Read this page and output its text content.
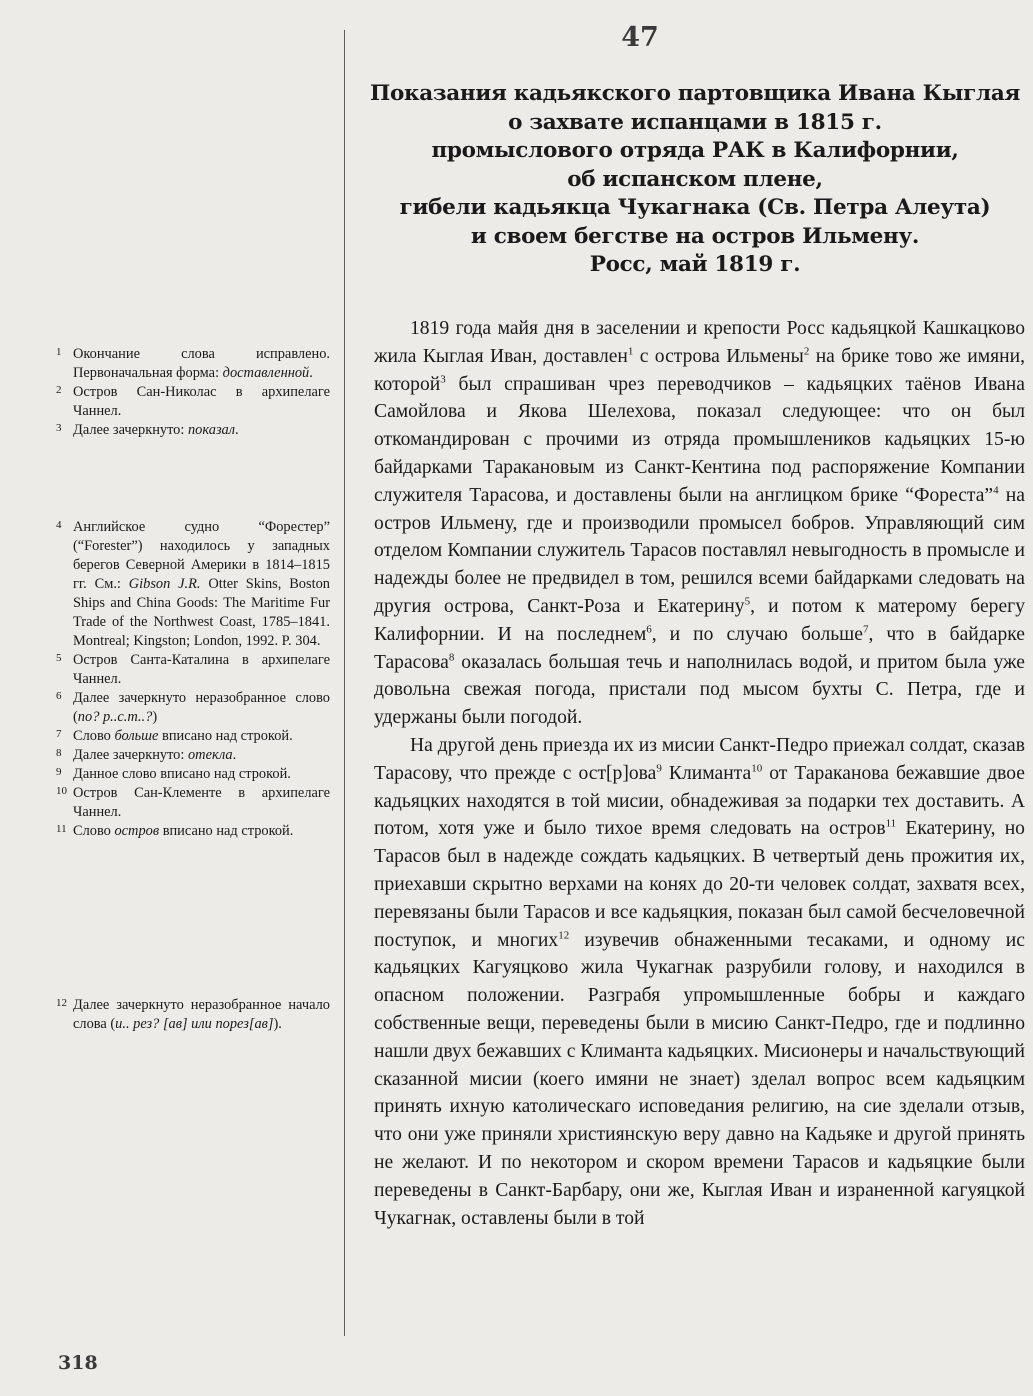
47
Показания кадьякского партовщика Ивана Кыглая
о захвате испанцами в 1815 г.
промыслового отряда РАК в Калифорнии,
об испанском плене,
гибели кадьякца Чукагнака (Св. Петра Алеута)
и своем бегстве на остров Ильмену.
Росс, май 1819 г.

1819 года майя дня в заселении и крепости Росс кадьяцкой Кашкацково жила Кыглая Иван, доставлен$^1$ с острова Ильмены$^2$ на брике тово же имяни, которой$^3$ был спрашиван чрез переводчиков – кадьяцких таёнов Ивана Самойлова и Якова Шелехова, показал следующее: что он был откомандирован с прочими из отряда промышлеников кадьяцких 15-ю байдарками Таракановым из Санкт-Кентина под распоряжение Компании служителя Тарасова, и доставлены были на англицком брике “Фореста”$^4$ на остров Ильмену, где и производили промысел бобров. Управляющий сим отделом Компании служитель Тарасов поставлял невыгодность в промысле и надежды более не предвидел в том, решился всеми байдарками следовать на другия острова, Санкт-Роза и Екатерину$^5$, и потом к матерому берегу Калифорнии. И на последнем$^6$, и по случаю больше$^7$, что в байдарке Тарасова$^8$ оказалась большая течь и наполнилась водой, и притом была уже довольна свежая погода, пристали под мысом бухты С. Петра, где и удержаны были погодой.

На другой день приезда их из мисии Санкт-Педро приежал солдат, сказав Тарасову, что прежде с ост[р]ова$^9$ Климанта$^{10}$ от Тараканова бежавшие двое кадьяцких находятся в той мисии, обнадеживая за подарки тех доставить. А потом, хотя уже и было тихое время следовать на остров$^{11}$ Екатерину, но Тарасов был в надежде сождать кадьяцких. В четвертый день прожития их, приехавши скрытно верхами на конях до 20-ти человек солдат, захватя всех, перевязаны были Тарасов и все кадьяцкия, показан был самой бесчеловечной поступок, и многих$^{12}$ изувечив обнаженными тесаками, и одному ис кадьяцких Кагуяцково жила Чукагнак разрубили голову, и находился в опасном положении. Разграбя упромышленные бобры и каждаго собственные вещи, переведены были в мисию Санкт-Педро, где и подлинно нашли двух бежавших с Климанта кадьяцких. Мисионеры и начальствующий сказанной мисии (коего имяни не знает) зделал вопрос всем кадьяцким принять ихную католическаго исповедания религию, на сие зделали отзыв, что они уже приняли християнскую веру давно на Кадьяке и другой принять не желают. И по некотором и скором времени Тарасов и кадьяцкие были переведены в Санкт-Барбару, они же, Кыглая Иван и израненной кагуяцкой Чукагнак, оставлены были в той

1 Окончание слова исправлено. Первоначальная форма: доставленной.
2 Остров Сан-Николас в архипелаге Чаннел.
3 Далее зачеркнуто: показал.
4 Английское судно “Форестер” (“Forester”) находилось у западных берегов Северной Америки в 1814–1815 гг. См.: Gibson J.R. Otter Skins, Boston Ships and China Goods: The Maritime Fur Trade of the Northwest Coast, 1785–1841. Montreal; Kingston; London, 1992. P. 304.
5 Остров Санта-Каталина в архипелаге Чаннел.
6 Далее зачеркнуто неразобранное слово (по? р..с.т..?)
7 Слово больше вписано над строкой.
8 Далее зачеркнуто: отекла.
9 Данное слово вписано над строкой.
10 Остров Сан-Клементе в архипелаге Чаннел.
11 Слово остров вписано над строкой.
12 Далее зачеркнуто неразобранное начало слова (и.. рез? [ав] или порез[ав]).
318
